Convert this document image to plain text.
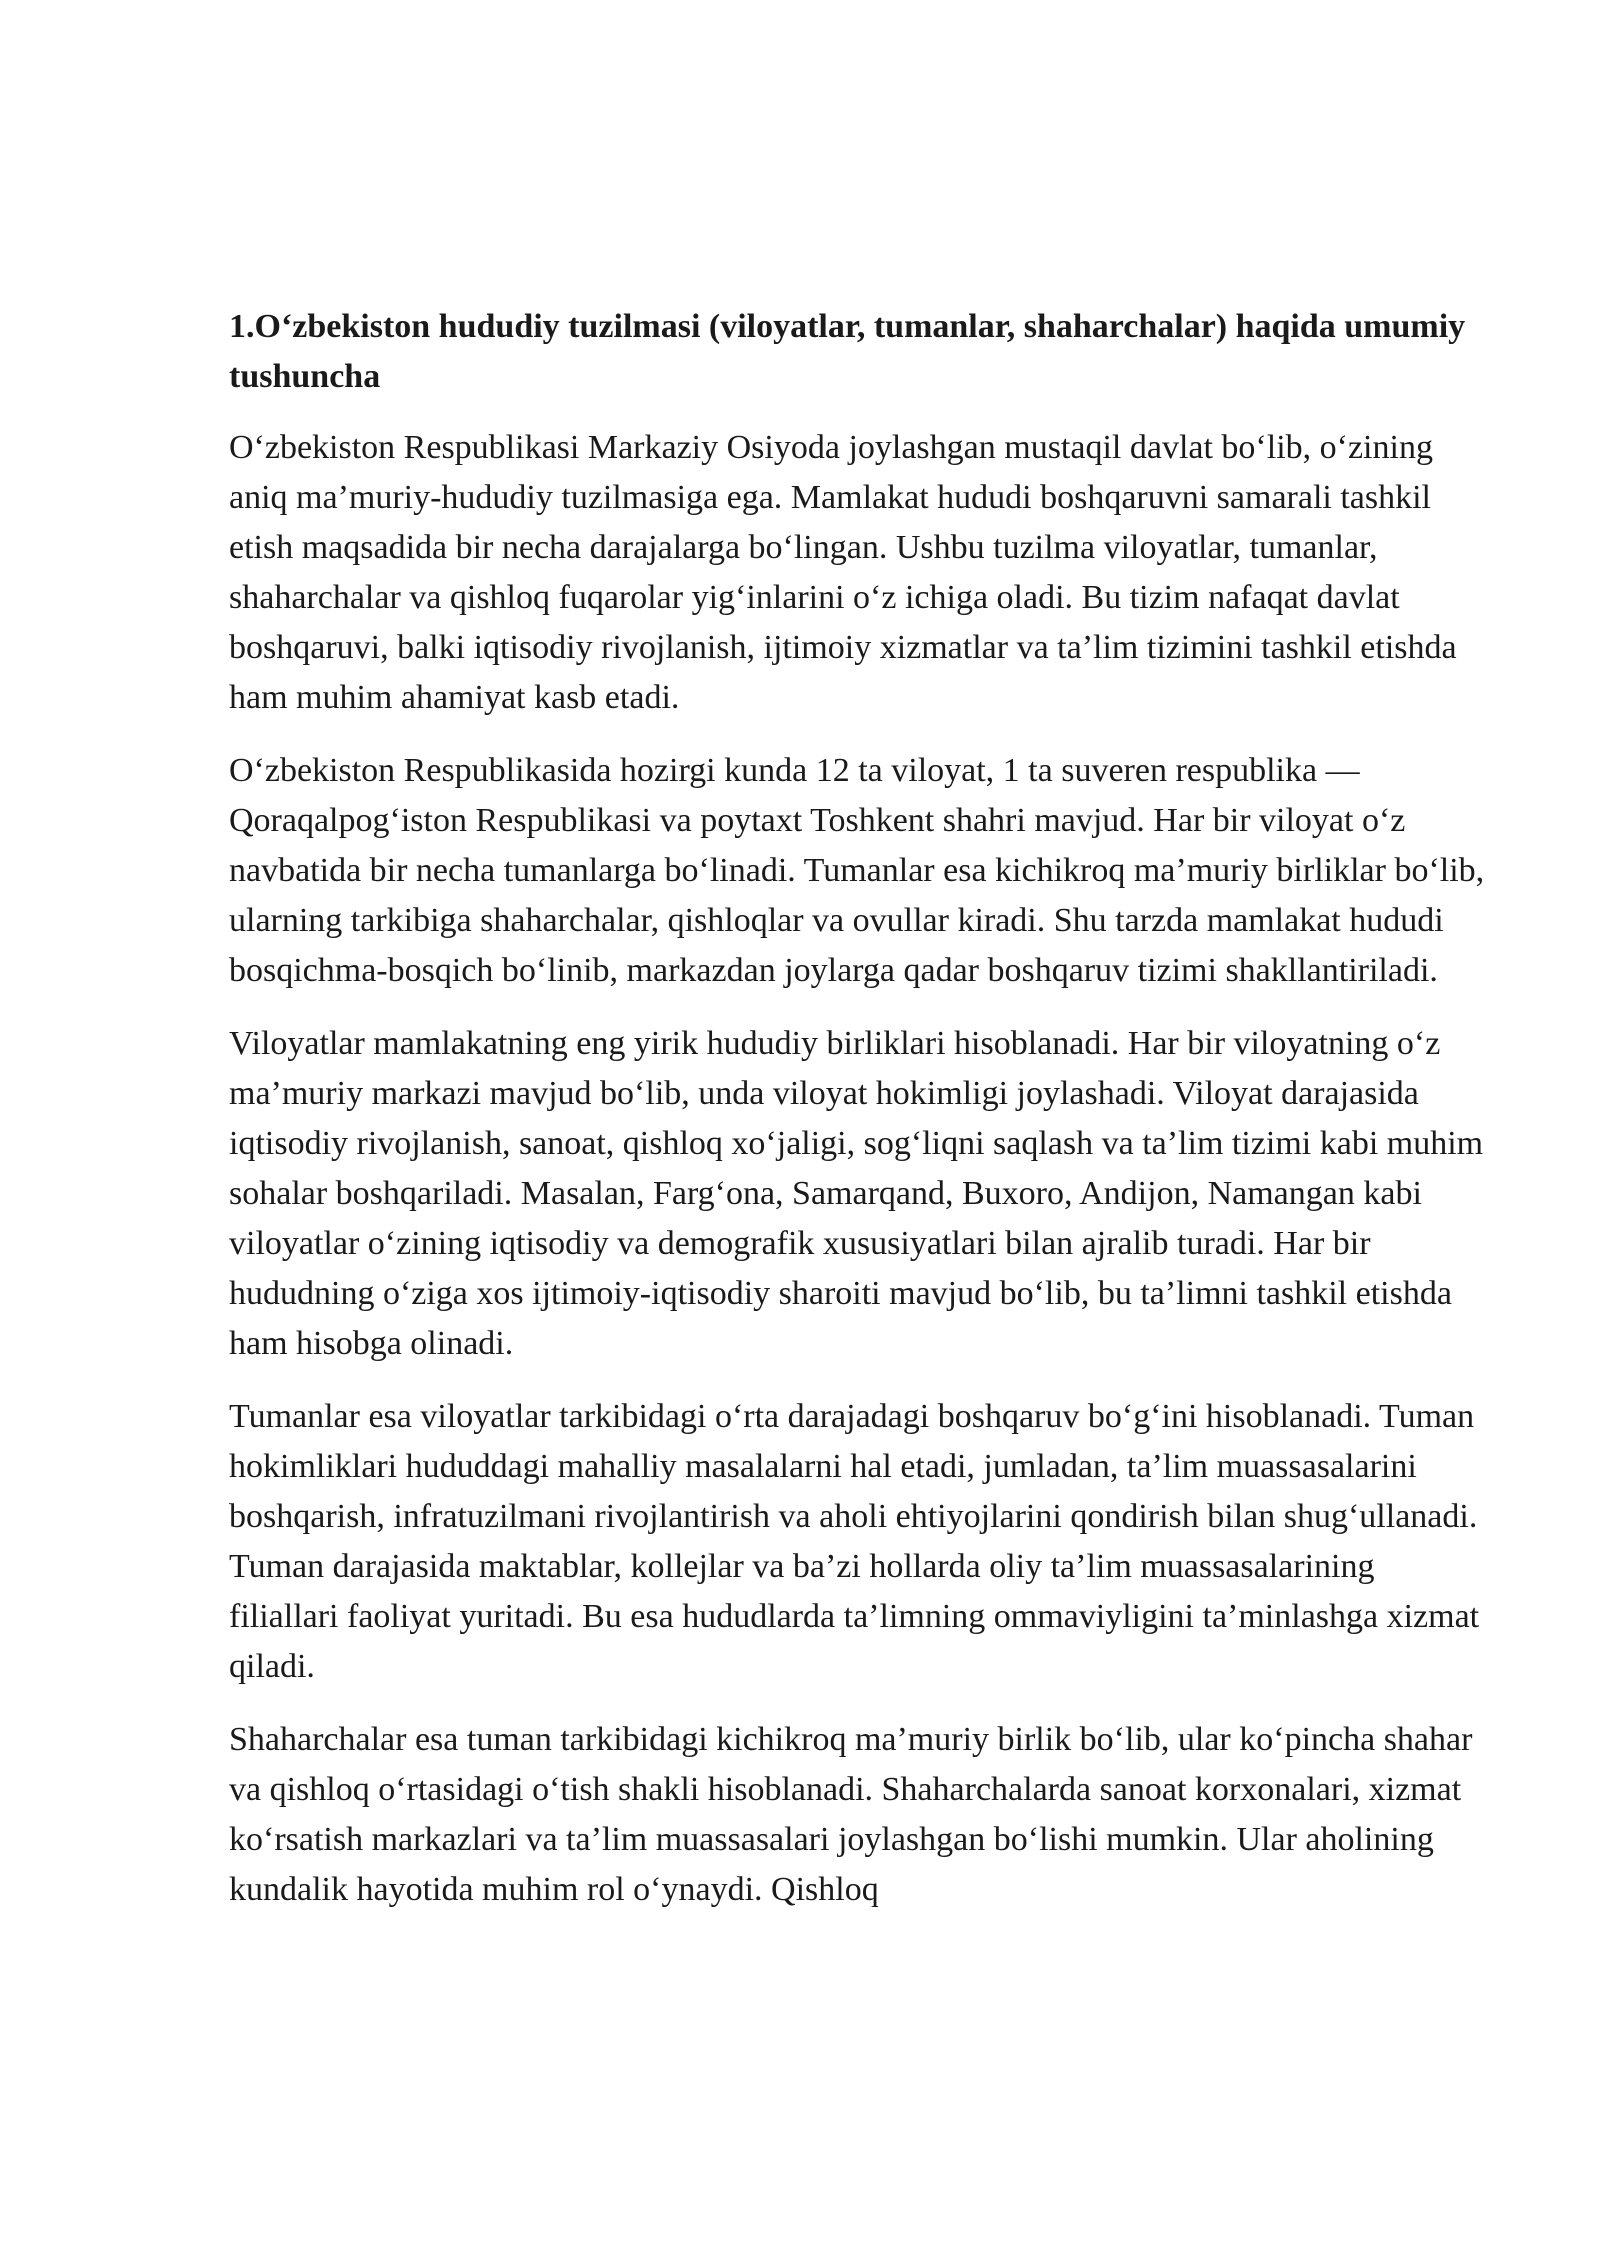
1.O‘zbekiston hududiy tuzilmasi (viloyatlar, tumanlar, shaharchalar) haqida umumiy tushuncha

O‘zbekiston Respublikasi Markaziy Osiyoda joylashgan mustaqil davlat bo‘lib, o‘zining aniq ma’muriy-hududiy tuzilmasiga ega. Mamlakat hududi boshqaruvni samarali tashkil etish maqsadida bir necha darajalarga bo‘lingan. Ushbu tuzilma viloyatlar, tumanlar, shaharchalar va qishloq fuqarolar yig‘inlarini o‘z ichiga oladi. Bu tizim nafaqat davlat boshqaruvi, balki iqtisodiy rivojlanish, ijtimoiy xizmatlar va ta’lim tizimini tashkil etishda ham muhim ahamiyat kasb etadi.

O‘zbekiston Respublikasida hozirgi kunda 12 ta viloyat, 1 ta suveren respublika — Qoraqalpog‘iston Respublikasi va poytaxt Toshkent shahri mavjud. Har bir viloyat o‘z navbatida bir necha tumanlarga bo‘linadi. Tumanlar esa kichikroq ma’muriy birliklar bo‘lib, ularning tarkibiga shaharchalar, qishloqlar va ovullar kiradi. Shu tarzda mamlakat hududi bosqichma-bosqich bo‘linib, markazdan joylarga qadar boshqaruv tizimi shakllantiriladi.

Viloyatlar mamlakatning eng yirik hududiy birliklari hisoblanadi. Har bir viloyatning o‘z ma’muriy markazi mavjud bo‘lib, unda viloyat hokimligi joylashadi. Viloyat darajasida iqtisodiy rivojlanish, sanoat, qishloq xo‘jaligi, sog‘liqni saqlash va ta’lim tizimi kabi muhim sohalar boshqariladi. Masalan, Farg‘ona, Samarqand, Buxoro, Andijon, Namangan kabi viloyatlar o‘zining iqtisodiy va demografik xususiyatlari bilan ajralib turadi. Har bir hududning o‘ziga xos ijtimoiy-iqtisodiy sharoiti mavjud bo‘lib, bu ta’limni tashkil etishda ham hisobga olinadi.

Tumanlar esa viloyatlar tarkibidagi o‘rta darajadagi boshqaruv bo‘g‘ini hisoblanadi. Tuman hokimliklari hududdagi mahalliy masalalarni hal etadi, jumladan, ta’lim muassasalarini boshqarish, infratuzilmani rivojlantirish va aholi ehtiyojlarini qondirish bilan shug‘ullanadi. Tuman darajasida maktablar, kollejlar va ba’zi hollarda oliy ta’lim muassasalarining filiallari faoliyat yuritadi. Bu esa hududlarda ta’limning ommaviyligini ta’minlashga xizmat qiladi.

Shaharchalar esa tuman tarkibidagi kichikroq ma’muriy birlik bo‘lib, ular ko‘pincha shahar va qishloq o‘rtasidagi o‘tish shakli hisoblanadi. Shaharchalarda sanoat korxonalari, xizmat ko‘rsatish markazlari va ta’lim muassasalari joylashgan bo‘lishi mumkin. Ular aholining kundalik hayotida muhim rol o‘ynaydi. Qishloq
